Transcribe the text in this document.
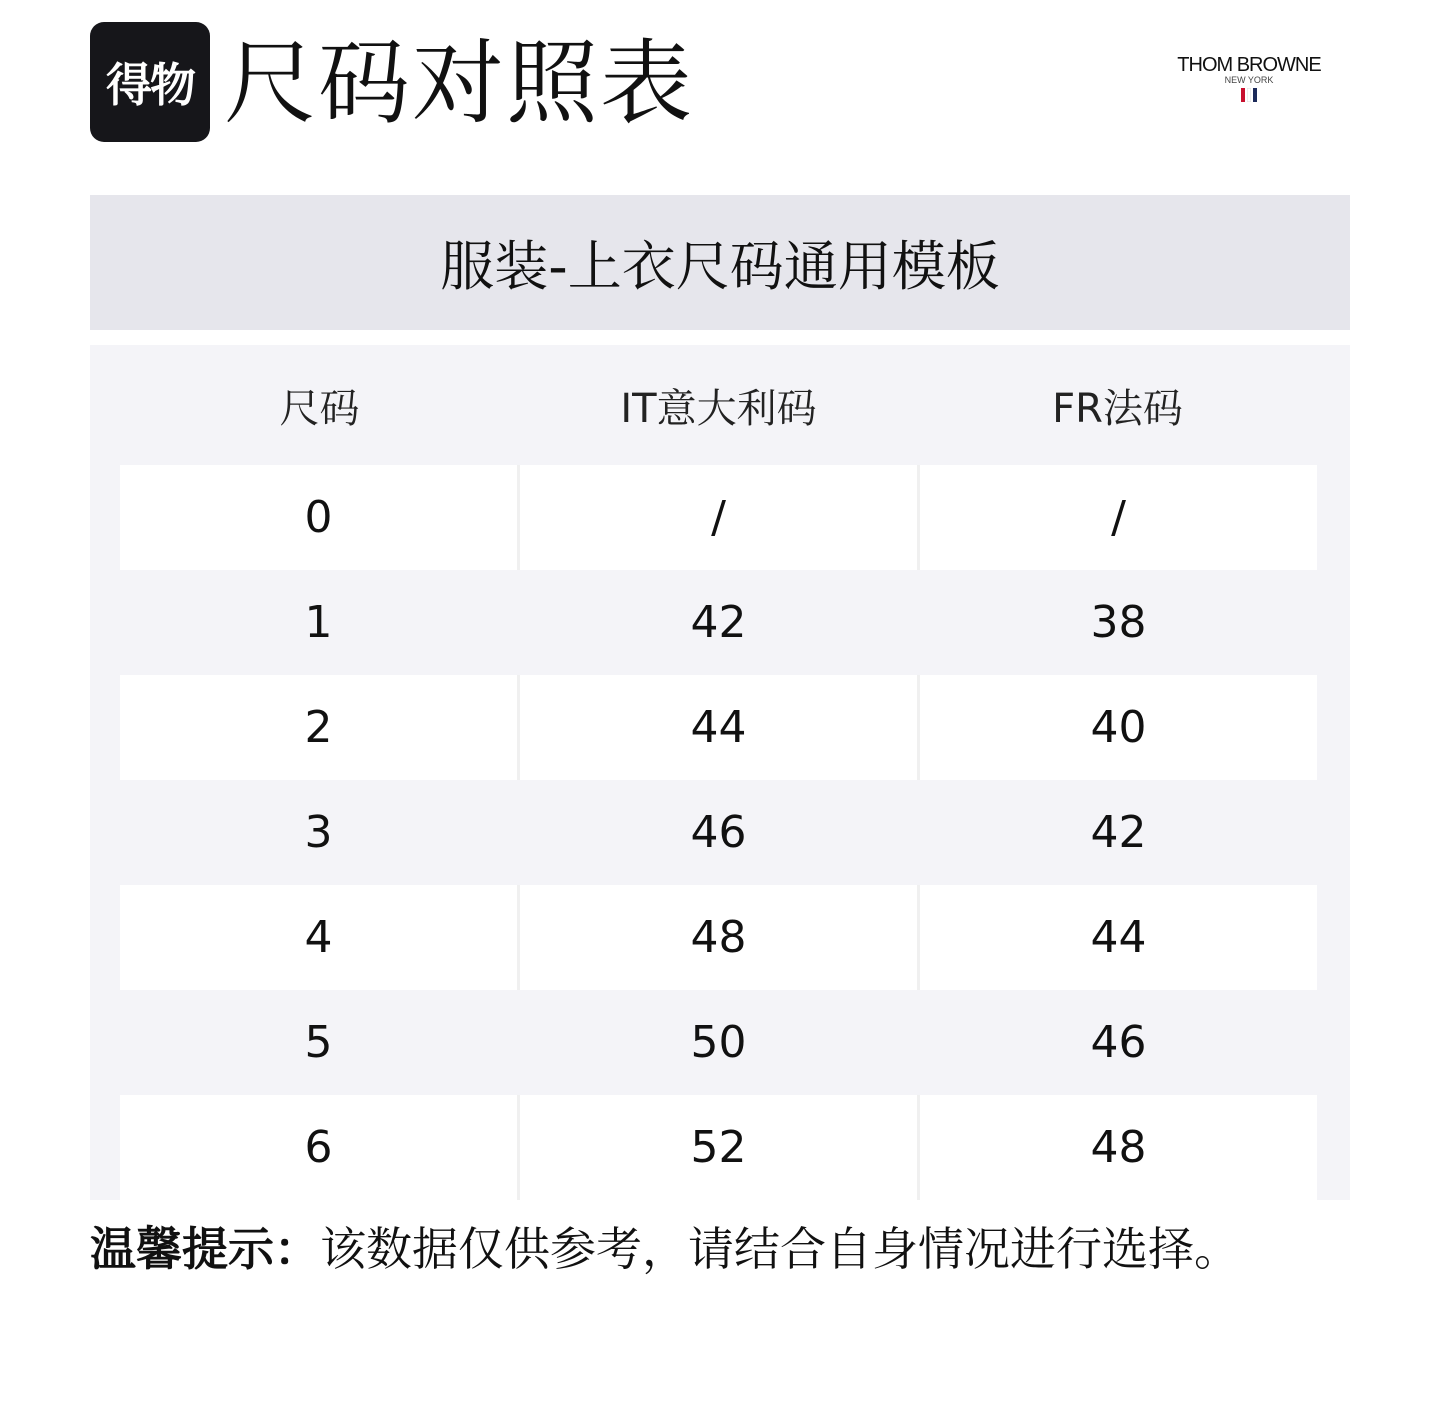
得物 尺码对照表	THOM BROWNE
NEW YORK
服装-上衣尺码通用模板
尺码	IT意大利码	FR法码
0	/	/
1	42	38
2	44	40
3	46	42
4	48	44
5	50	46
6	52	48
温馨提示：该数据仅供参考，请结合自身情况进行选择。
